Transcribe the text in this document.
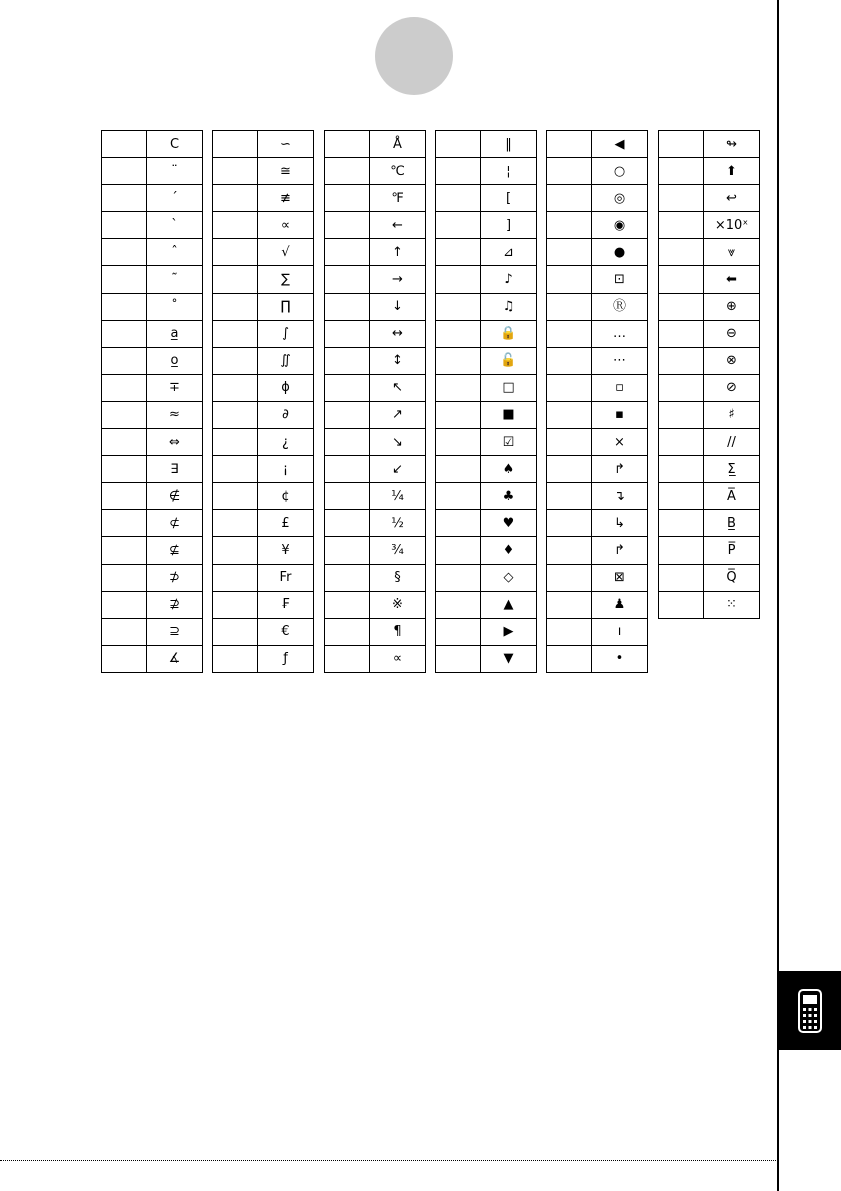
	C
	¨
	´
	`
	ˆ
	˜
	˚
	a̲
	o̲
	∓
	≈
	⇔
	∃
	∉
	⊄
	⊈
	⊅
	⊉
	⊇
	∡
	∽
	≅
	≢
	∝
	√
	∑
	∏
	∫
	∬
	ϕ
	∂
	¿
	¡
	¢
	£
	¥
	Fr
	₣
	€
	ƒ
	Å
	℃
	℉
	←
	↑
	→
	↓
	↔
	↕
	↖
	↗
	↘
	↙
	¼
	½
	¾
	§
	※
	¶
	∝
	‖
	¦
	[
	]
	⊿
	♪
	♫
	🔒
	🔓
	□
	■
	☑
	♠
	♣
	♥
	♦
	◇
	▲
	▶
	▼
	◀
	○
	◎
	◉
	●
	⊡
	Ⓡ
	…
	⋯
	▫
	▪
	×
	↱
	↴
	↳
	↱
	⊠
	♟
	ı
	•
	↬
	⬆
	↩
	×10ˣ
	⩔
	⬅
	⊕
	⊖
	⊗
	⊘
	♯
	//
	Σ̲
	A̅
	B̲
	P̅
	Q̅
	⁙
